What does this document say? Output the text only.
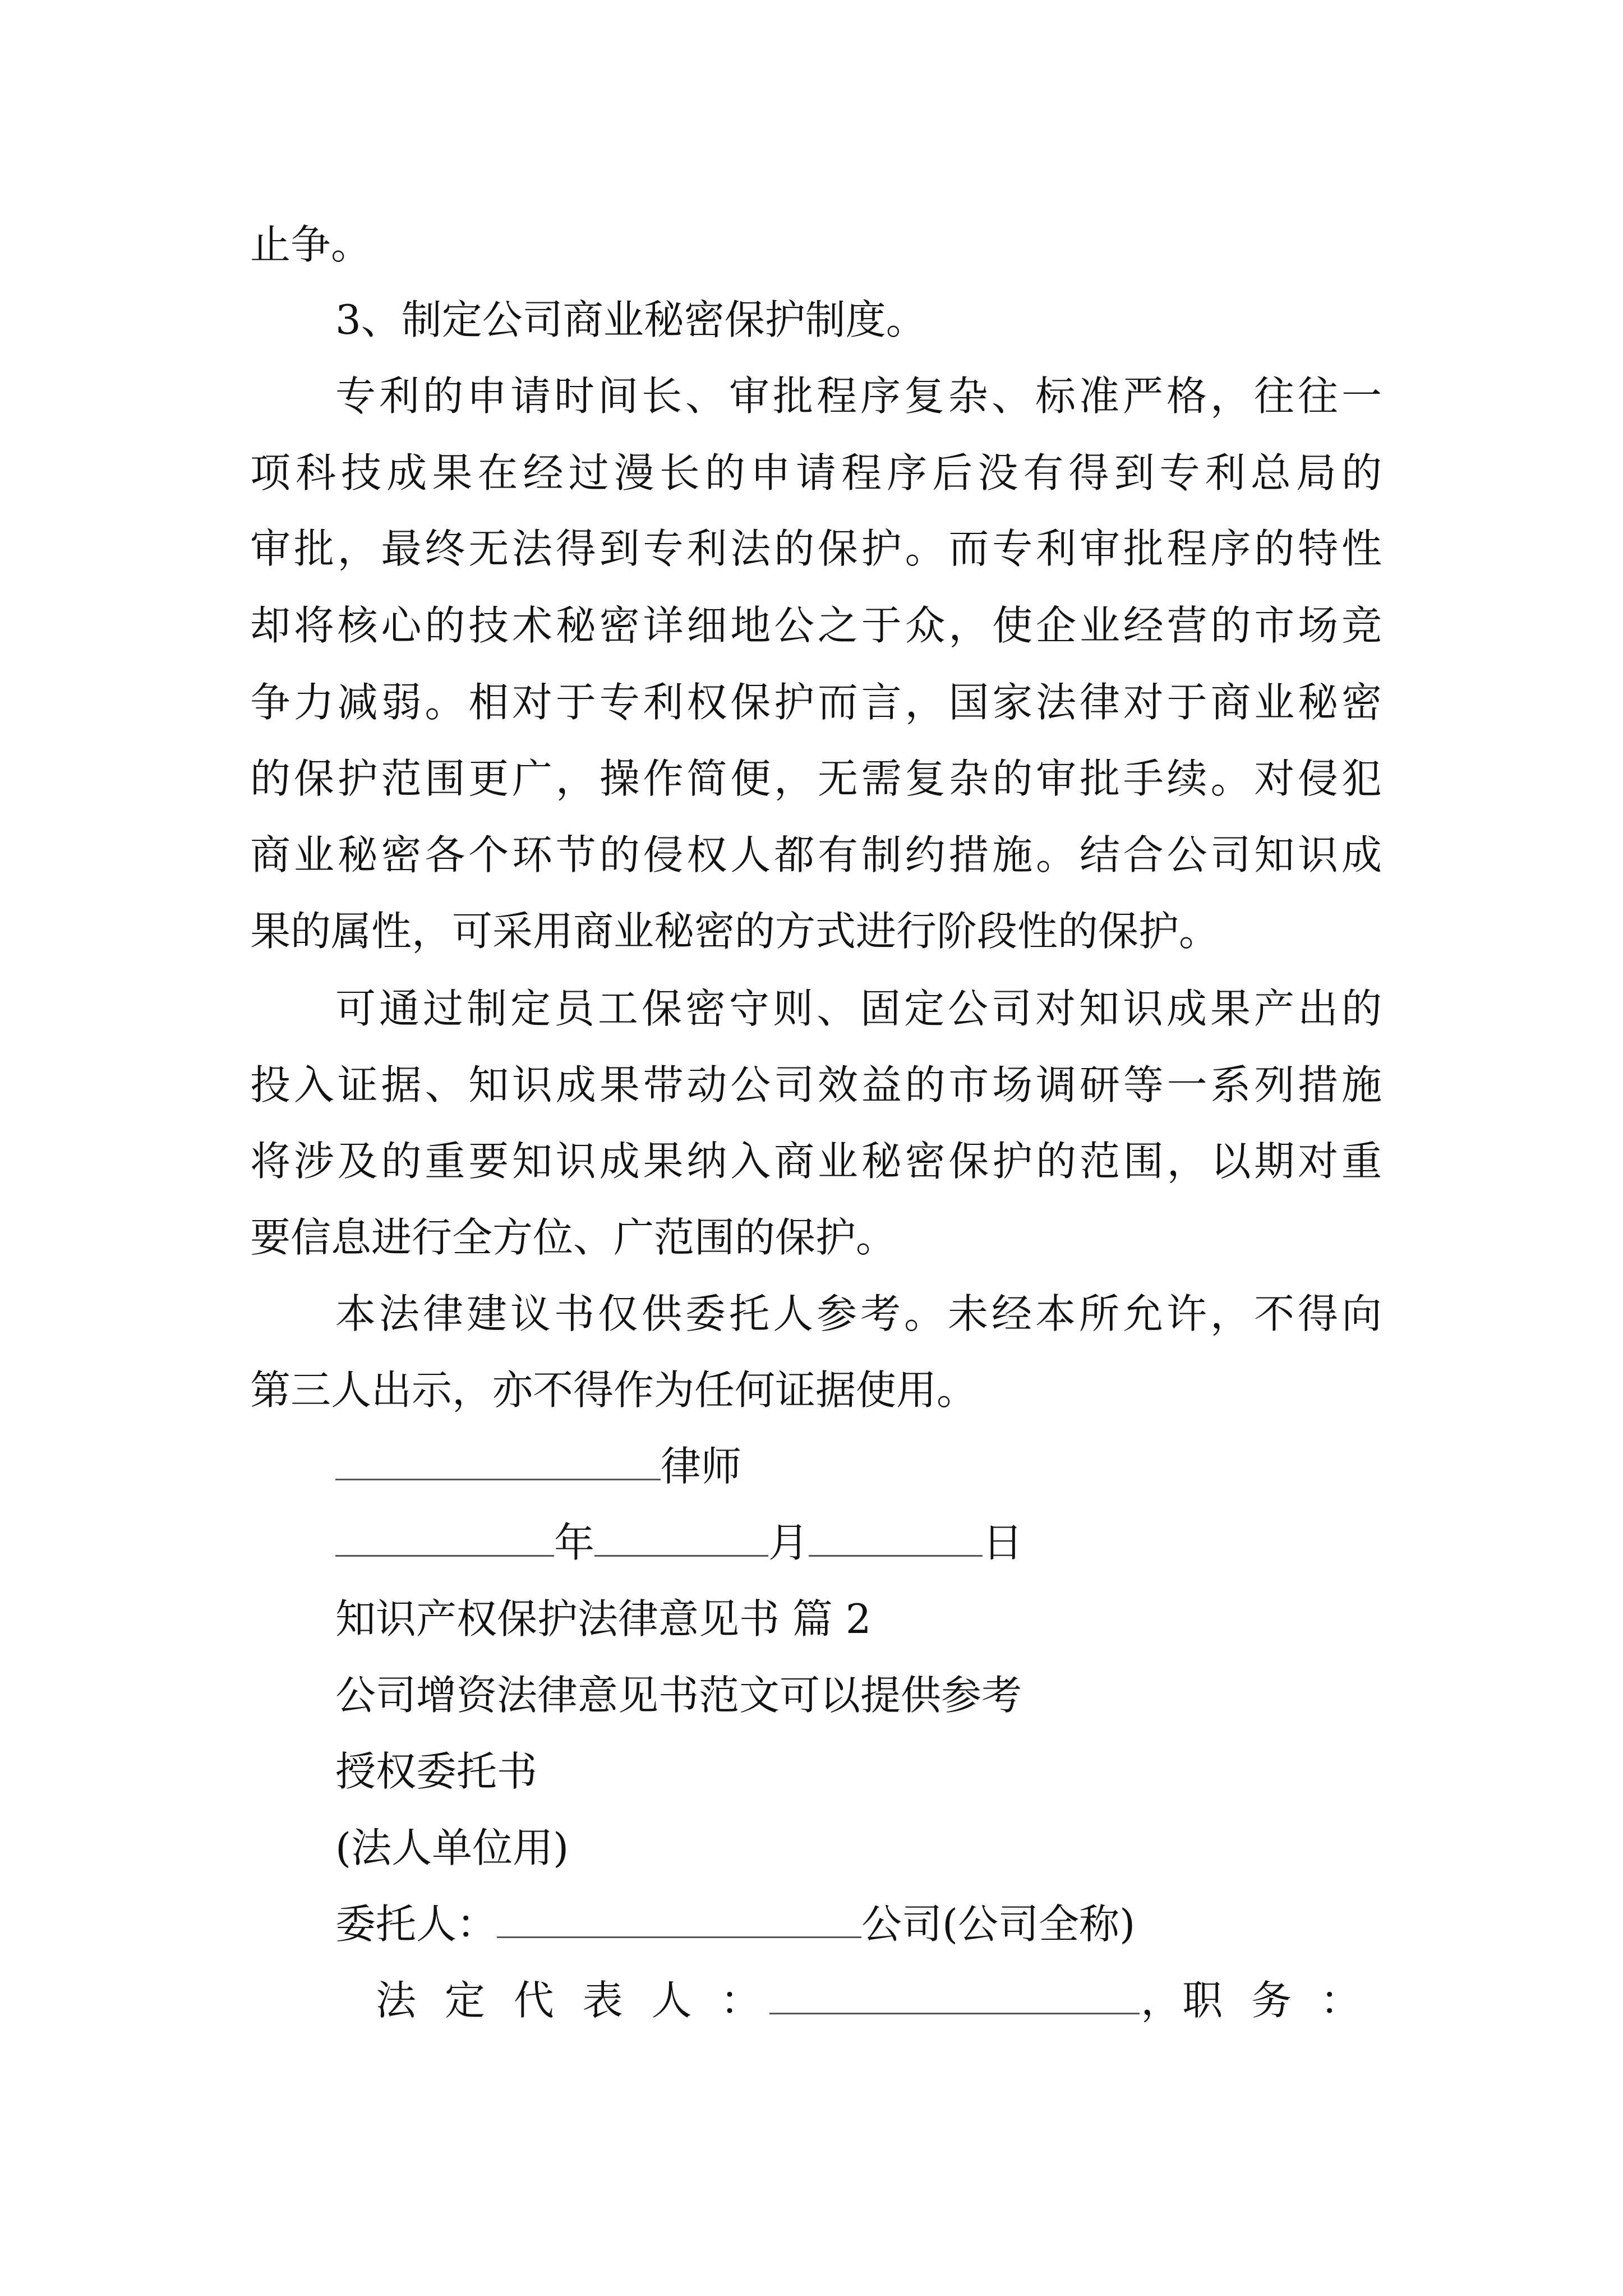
止争。
3、制定公司商业秘密保护制度。
专利的申请时间长、审批程序复杂、标准严格，往往一
项科技成果在经过漫长的申请程序后没有得到专利总局的
审批，最终无法得到专利法的保护。而专利审批程序的特性
却将核心的技术秘密详细地公之于众，使企业经营的市场竞
争力减弱。相对于专利权保护而言，国家法律对于商业秘密
的保护范围更广，操作简便，无需复杂的审批手续。对侵犯
商业秘密各个环节的侵权人都有制约措施。结合公司知识成
果的属性，可采用商业秘密的方式进行阶段性的保护。
可通过制定员工保密守则、固定公司对知识成果产出的
投入证据、知识成果带动公司效益的市场调研等一系列措施
将涉及的重要知识成果纳入商业秘密保护的范围，以期对重
要信息进行全方位、广范围的保护。
本法律建议书仅供委托人参考。未经本所允许，不得向
第三人出示，亦不得作为任何证据使用。
律师
年	月	日
知识产权保护法律意见书 篇 2
公司增资法律意见书范文可以提供参考
授权委托书
(法人单位用)
委托人：	公司(公司全称)
法 定 代 表 人 ：	， 职 务 ：
